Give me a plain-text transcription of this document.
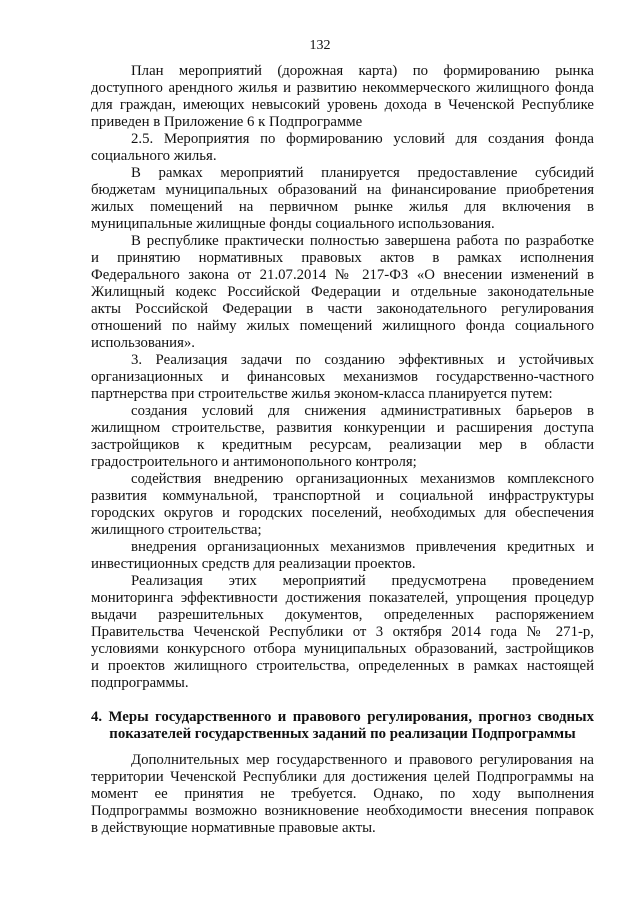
132
План мероприятий (дорожная карта) по формированию рынка
доступного арендного жилья и развитию некоммерческого жилищного фонда
для граждан, имеющих невысокий уровень дохода в Чеченской Республике
приведен в Приложение 6 к Подпрограмме
2.5. Мероприятия по формированию условий для создания фонда
социального жилья.
В рамках мероприятий планируется предоставление субсидий
бюджетам муниципальных образований на финансирование приобретения
жилых помещений на первичном рынке жилья для включения в
муниципальные жилищные фонды социального использования.
В республике практически полностью завершена работа по разработке
и принятию нормативных правовых актов в рамках исполнения
Федерального закона от 21.07.2014 № 217-ФЗ «О внесении изменений в
Жилищный кодекс Российской Федерации и отдельные законодательные
акты Российской Федерации в части законодательного регулирования
отношений по найму жилых помещений жилищного фонда социального
использования».
3. Реализация задачи по созданию эффективных и устойчивых
организационных и финансовых механизмов государственно-частного
партнерства при строительстве жилья эконом-класса планируется путем:
создания условий для снижения административных барьеров в
жилищном строительстве, развития конкуренции и расширения доступа
застройщиков к кредитным ресурсам, реализации мер в области
градостроительного и антимонопольного контроля;
содействия внедрению организационных механизмов комплексного
развития коммунальной, транспортной и социальной инфраструктуры
городских округов и городских поселений, необходимых для обеспечения
жилищного строительства;
внедрения организационных механизмов привлечения кредитных и
инвестиционных средств для реализации проектов.
Реализация этих мероприятий предусмотрена проведением
мониторинга эффективности достижения показателей, упрощения процедур
выдачи разрешительных документов, определенных распоряжением
Правительства Чеченской Республики от 3 октября 2014 года № 271-р,
условиями конкурсного отбора муниципальных образований, застройщиков
и проектов жилищного строительства, определенных в рамках настоящей
подпрограммы.
4. Меры государственного и правового регулирования, прогноз сводных
показателей государственных заданий по реализации Подпрограммы
Дополнительных мер государственного и правового регулирования на
территории Чеченской Республики для достижения целей Подпрограммы на
момент ее принятия не требуется. Однако, по ходу выполнения
Подпрограммы возможно возникновение необходимости внесения поправок
в действующие нормативные правовые акты.
